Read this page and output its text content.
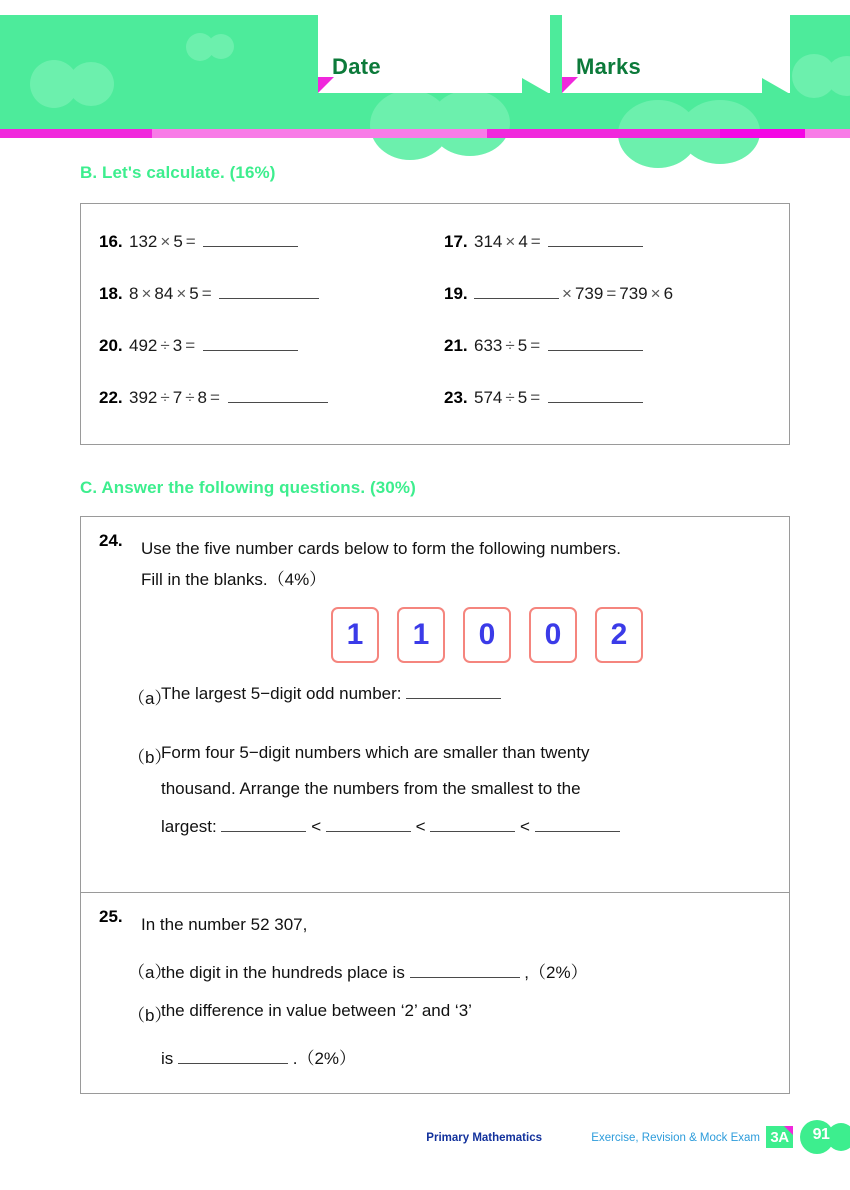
Date	Marks
B. Let's calculate. (16%)
16. 132 × 5 =	17. 314 × 4 =
18. 8 × 84 × 5 =	19.	× 739 = 739 × 6
20. 492 ÷ 3 =	21. 633 ÷ 5 =
22. 392 ÷ 7 ÷ 8 =	23. 574 ÷ 5 =
C. Answer the following questions. (30%)
24. Use the five number cards below to form the following numbers.
Fill in the blanks.（4%）
1	1	0	0	2
（a）
The largest 5−digit odd number:
（b）
Form four 5−digit numbers which are smaller than twenty
thousand. Arrange the numbers from the smallest to the
largest:	<	<	<
25. In the number 52 307,
（a）
the digit in the hundreds place is	,（2%）
（b）
the difference in value between ‘2’ and ‘3’
is	.（2%）
Primary Mathematics	Exercise, Revision & Mock Exam 3A	91
